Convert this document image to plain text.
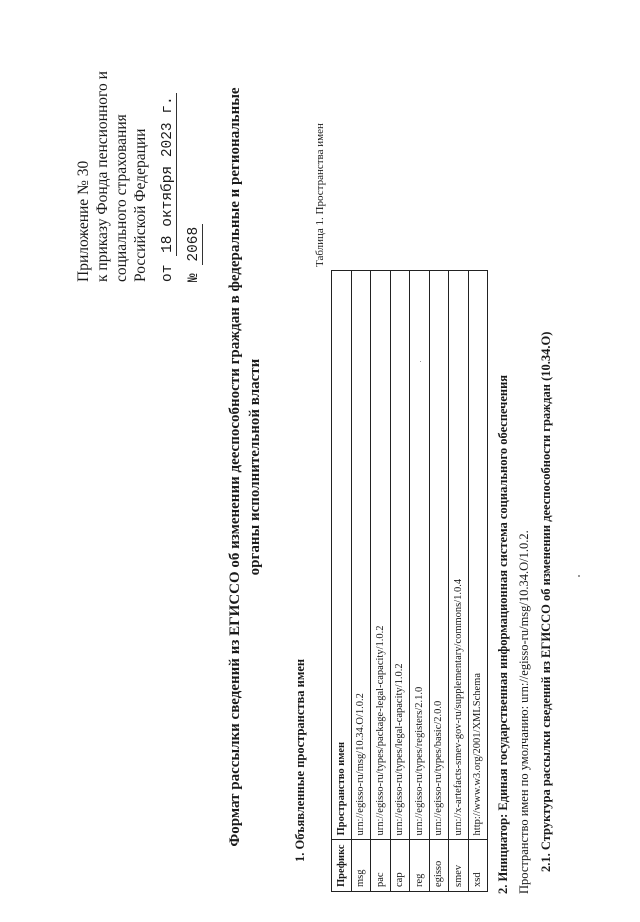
Приложение № 30 к приказу Фонда пенсионного и социального страхования Российской Федерации от 18 октября 2023 г.
№ 2068 Формат рассылки сведений из ЕГИССО об изменении дееспособности граждан в федеральные и региональные органы исполнительной власти
1. Объявленные пространства имен
Таблица 1. Пространства имен
Префикс	Пространство имен
msg	urn://egisso-ru/msg/10.34.O/1.0.2
pac	urn://egisso-ru/types/package-legal-capacity/1.0.2
cap	urn://egisso-ru/types/legal-capacity/1.0.2
reg	urn://egisso-ru/types/registers/2.1.0
egisso	urn://egisso-ru/types/basic/2.0.0
smev	urn://x-artefacts-smev-gov-ru/supplementary/commons/1.0.4
xsd	http://www.w3.org/2001/XMLSchema 2. Инициатор: Единая государственная информационная система социального обеспечения Пространство имен по умолчанию: urn://egisso-ru/msg/10.34.O/1.0.2. 2.1. Структура рассылки сведений из ЕГИССО об изменении дееспособности граждан (10.34.O)
